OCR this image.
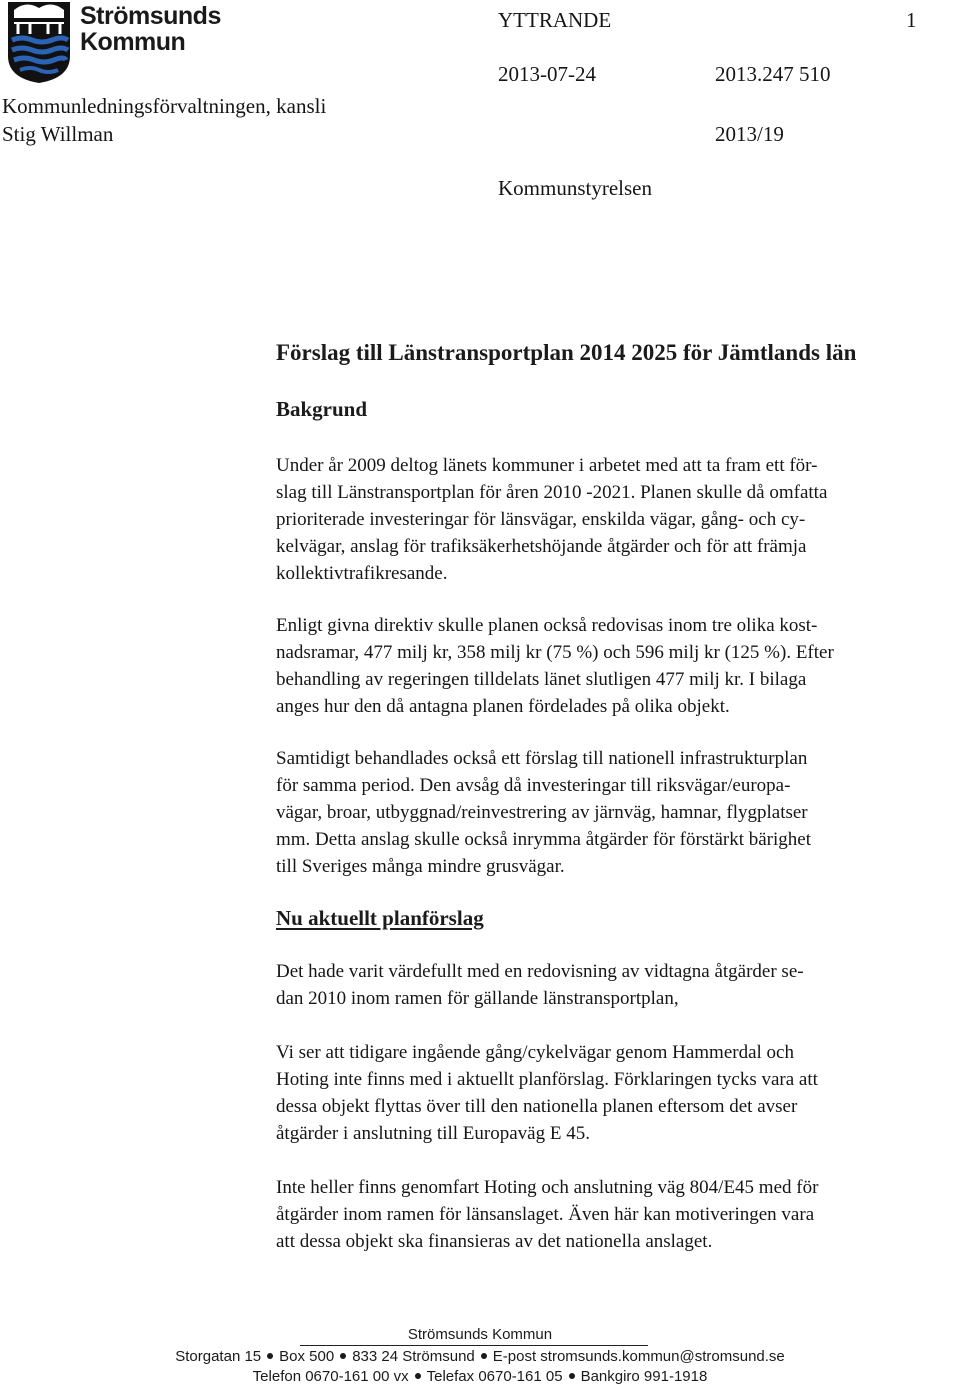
Strömsunds
Kommun
YTTRANDE	1
2013-07-24	2013.247 510
Kommunledningsförvaltningen, kansli
Stig Willman	2013/19
Kommunstyrelsen
Förslag till Länstransportplan 2014 2025 för Jämtlands län
Bakgrund
Under år 2009 deltog länets kommuner i arbetet med att ta fram ett för-
slag till Länstransportplan för åren 2010 -2021. Planen skulle då omfatta
prioriterade investeringar för länsvägar, enskilda vägar, gång- och cy-
kelvägar, anslag för trafiksäkerhetshöjande åtgärder och för att främja
kollektivtrafikresande.
Enligt givna direktiv skulle planen också redovisas inom tre olika kost-
nadsramar, 477 milj kr, 358 milj kr (75 %) och 596 milj kr (125 %). Efter
behandling av regeringen tilldelats länet slutligen 477 milj kr. I bilaga
anges hur den då antagna planen fördelades på olika objekt.
Samtidigt behandlades också ett förslag till nationell infrastrukturplan
för samma period. Den avsåg då investeringar till riksvägar/europa-
vägar, broar, utbyggnad/reinvestrering av järnväg, hamnar, flygplatser
mm. Detta anslag skulle också inrymma åtgärder för förstärkt bärighet
till Sveriges många mindre grusvägar.
Nu aktuellt planförslag
Det hade varit värdefullt med en redovisning av vidtagna åtgärder se-
dan 2010 inom ramen för gällande länstransportplan,
Vi ser att tidigare ingående gång/cykelvägar genom Hammerdal och
Hoting inte finns med i aktuellt planförslag. Förklaringen tycks vara att
dessa objekt flyttas över till den nationella planen eftersom det avser
åtgärder i anslutning till Europaväg E 45.
Inte heller finns genomfart Hoting och anslutning väg 804/E45 med för
åtgärder inom ramen för länsanslaget. Även här kan motiveringen vara
att dessa objekt ska finansieras av det nationella anslaget.
Strömsunds Kommun
Storgatan 15 Box 500 833 24 Strömsund E-post stromsunds.kommun@stromsund.se
Telefon 0670-161 00 vx Telefax 0670-161 05 Bankgiro 991-1918
